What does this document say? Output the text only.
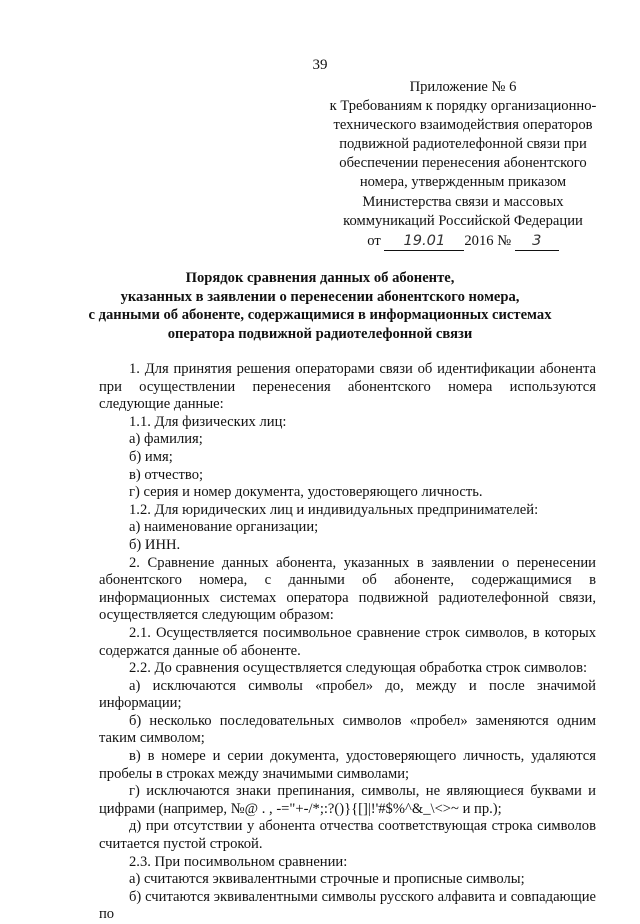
39
Приложение № 6
к Требованиям к порядку организационно-
технического взаимодействия операторов
подвижной радиотелефонной связи при
обеспечении перенесения абонентского
номера, утвержденным приказом
Министерства связи и массовых
коммуникаций Российской Федерации
от 19.01 2016 № 3
Порядок сравнения данных об абоненте,
указанных в заявлении о перенесении абонентского номера,
с данными об абоненте, содержащимися в информационных системах
оператора подвижной радиотелефонной связи

1. Для принятия решения операторами связи об идентификации абонента при осуществлении перенесения абонентского номера используются следующие данные:

1.1. Для физических лиц:

а) фамилия;

б) имя;

в) отчество;

г) серия и номер документа, удостоверяющего личность.

1.2. Для юридических лиц и индивидуальных предпринимателей:

а) наименование организации;

б) ИНН.

2. Сравнение данных абонента, указанных в заявлении о перенесении абонентского номера, с данными об абоненте, содержащимися в информационных системах оператора подвижной радиотелефонной связи, осуществляется следующим образом:

2.1. Осуществляется посимвольное сравнение строк символов, в которых содержатся данные об абоненте.

2.2. До сравнения осуществляется следующая обработка строк символов:

а) исключаются символы «пробел» до, между и после значимой информации;

б) несколько последовательных символов «пробел» заменяются одним таким символом;

в) в номере и серии документа, удостоверяющего личность, удаляются пробелы в строках между значимыми символами;

г) исключаются знаки препинания, символы, не являющиеся буквами и цифрами (например, №@ . , -="+-/*;:?()}{[]|!'#$%^&_\<>~ и пр.);

д) при отсутствии у абонента отчества соответствующая строка символов считается пустой строкой.

2.3. При посимвольном сравнении:

а) считаются эквивалентными строчные и прописные символы;

б) считаются эквивалентными символы русского алфавита и совпадающие по
